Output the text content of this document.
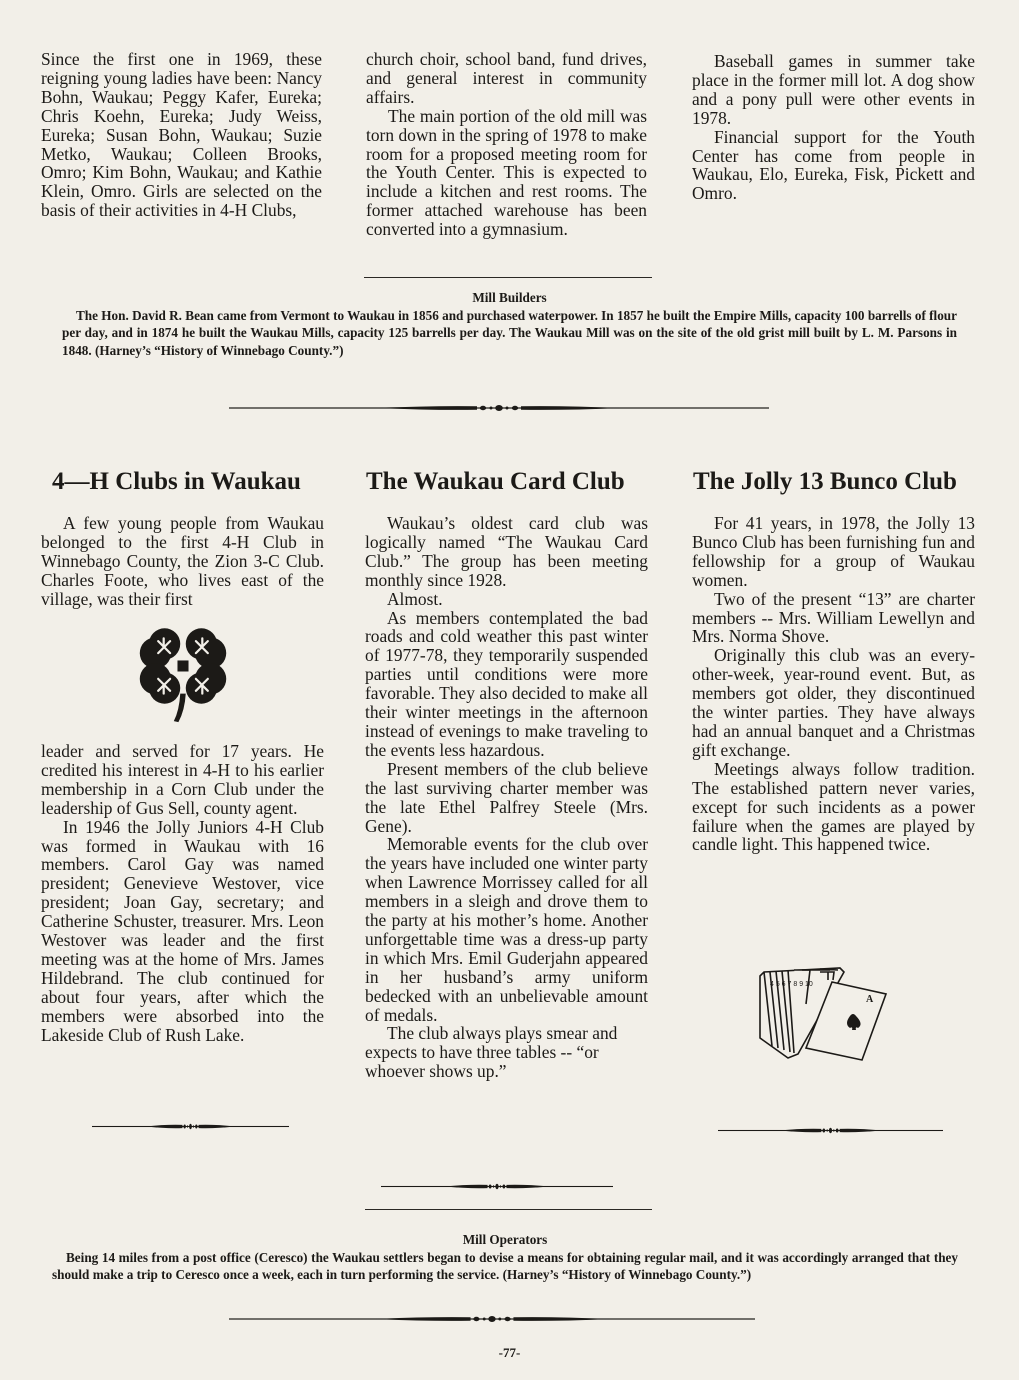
Since the first one in 1969, these reigning young ladies have been: Nancy Bohn, Waukau; Peggy Kafer, Eureka; Chris Koehn, Eureka; Judy Weiss, Eureka; Susan Bohn, Waukau; Suzie Metko, Waukau; Colleen Brooks, Omro; Kim Bohn, Waukau; and Kathie Klein, Omro. Girls are selected on the basis of their activities in 4-H Clubs,

church choir, school band, fund drives, and general interest in community affairs.

The main portion of the old mill was torn down in the spring of 1978 to make room for a proposed meeting room for the Youth Center. This is expected to include a kitchen and rest rooms. The former attached warehouse has been converted into a gymnasium.

Baseball games in summer take place in the former mill lot. A dog show and a pony pull were other events in 1978.

Financial support for the Youth Center has come from people in Waukau, Elo, Eureka, Fisk, Pickett and Omro.

Mill Builders
The Hon. David R. Bean came from Vermont to Waukau in 1856 and purchased waterpower. In 1857 he built the Empire Mills, capacity 100 barrells of flour per day, and in 1874 he built the Waukau Mills, capacity 125 barrells per day. The Waukau Mill was on the site of the old grist mill built by L. M. Parsons in 1848. (Harney’s “History of Winnebago County.”)
4—H Clubs in Waukau

A few young people from Waukau belonged to the first 4-H Club in Winnebago County, the Zion 3-C Club. Charles Foote, who lives east of the village, was their first

leader and served for 17 years. He credited his interest in 4-H to his earlier membership in a Corn Club under the leadership of Gus Sell, county agent.

In 1946 the Jolly Juniors 4-H Club was formed in Waukau with 16 members. Carol Gay was named president; Genevieve Westover, vice president; Joan Gay, secretary; and Catherine Schuster, treasurer. Mrs. Leon Westover was leader and the first meeting was at the home of Mrs. James Hildebrand. The club continued for about four years, after which the members were absorbed into the Lakeside Club of Rush Lake.

The Waukau Card Club

Waukau’s oldest card club was logically named “The Waukau Card Club.” The group has been meeting monthly since 1928.

Almost.

As members contemplated the bad roads and cold weather this past winter of 1977-78, they temporarily suspended parties until conditions were more favorable. They also decided to make all their winter meetings in the afternoon instead of evenings to make traveling to the events less hazardous.

Present members of the club believe the last surviving charter member was the late Ethel Palfrey Steele (Mrs. Gene).

Memorable events for the club over the years have included one winter party when Lawrence Morrissey called for all members in a sleigh and drove them to the party at his mother’s home. Another unforgettable time was a dress-up party in which Mrs. Emil Guderjahn appeared in her husband’s army uniform bedecked with an unbelievable amount of medals.

The club always plays smear and expects to have three tables -- “or whoever shows up.”

The Jolly 13 Bunco Club

For 41 years, in 1978, the Jolly 13 Bunco Club has been furnishing fun and fellowship for a group of Waukau women.

Two of the present “13” are charter members -- Mrs. William Lewellyn and Mrs. Norma Shove.

Originally this club was an every-other-week, year-round event. But, as members got older, they discontinued the winter parties. They have always had an annual banquet and a Christmas gift exchange.

Meetings always follow tradition. The established pattern never varies, except for such incidents as a power failure when the games are played by candle light. This happened twice.

A
4 5 6 7 8 9 10
Mill Operators
Being 14 miles from a post office (Ceresco) the Waukau settlers began to devise a means for obtaining regular mail, and it was accordingly arranged that they should make a trip to Ceresco once a week, each in turn performing the service. (Harney’s “History of Winnebago County.”)
-77-
